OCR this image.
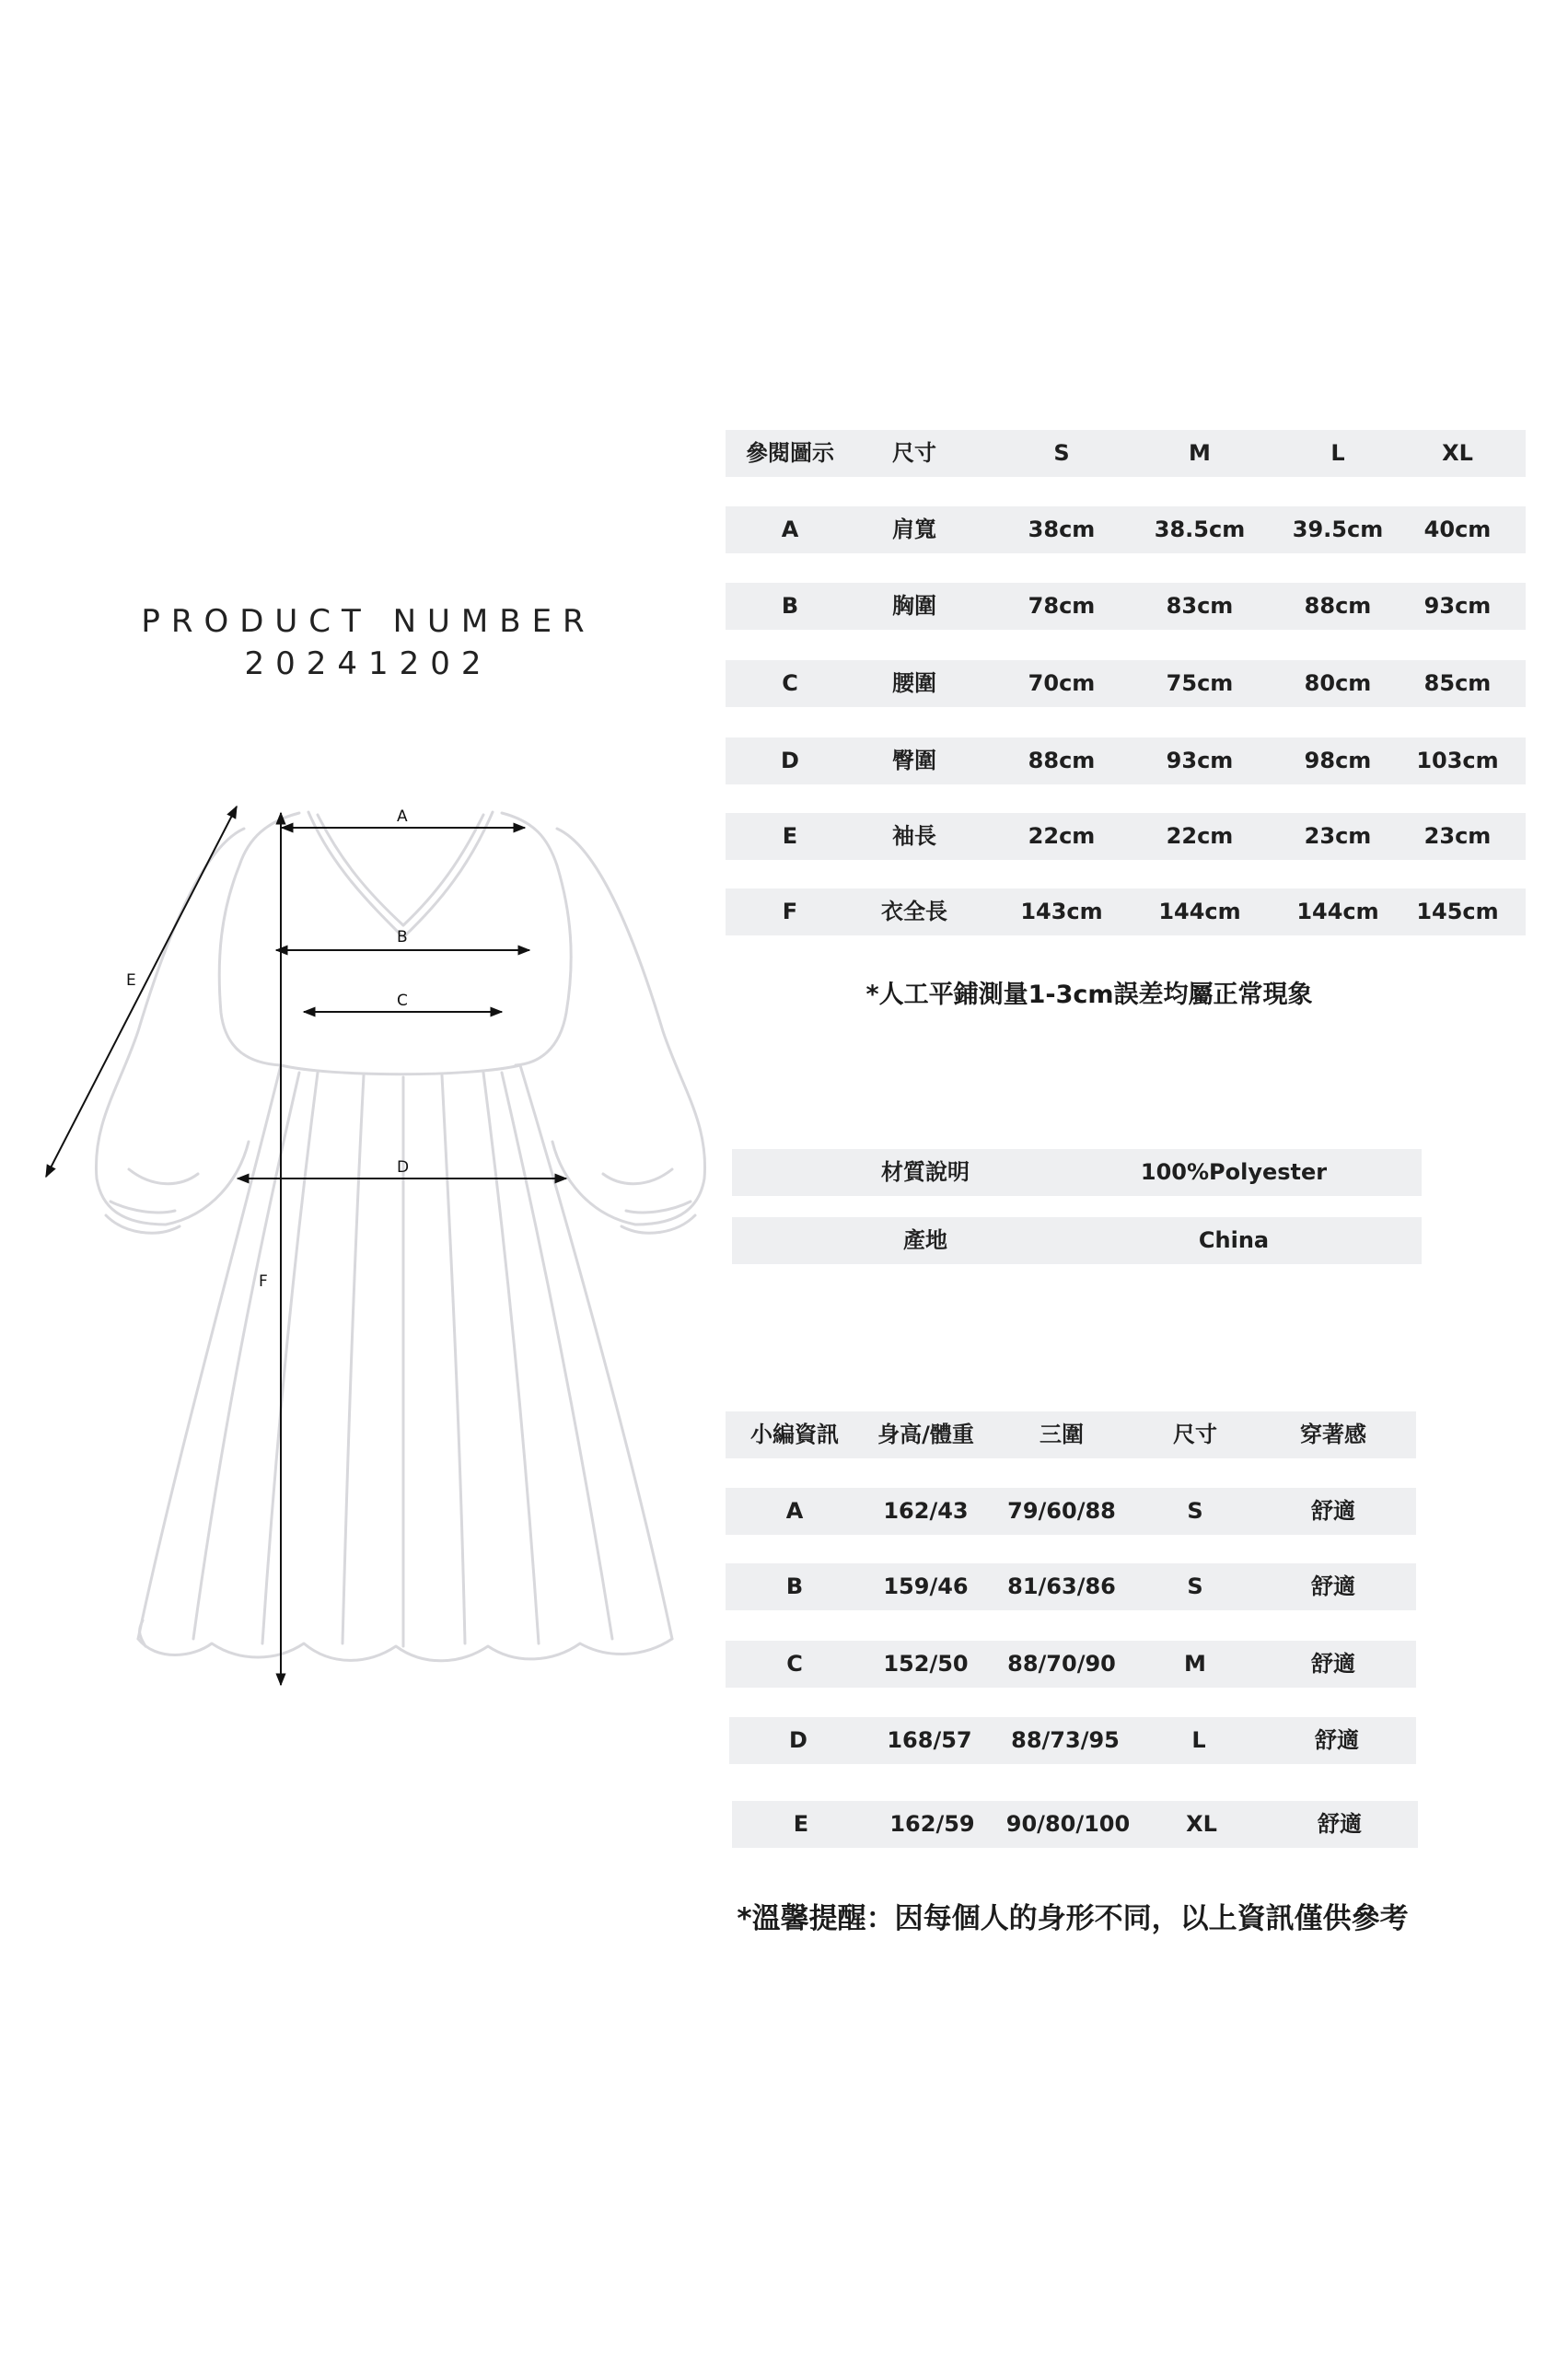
PRODUCT NUMBER
20241202
A
B
C
D
E
F
參閱圖示	尺寸	S	M	L	XL
A	肩寬	38cm	38.5cm	39.5cm	40cm
B	胸圍	78cm	83cm	88cm	93cm
C	腰圍	70cm	75cm	80cm	85cm
D	臀圍	88cm	93cm	98cm	103cm
E	袖長	22cm	22cm	23cm	23cm
F	衣全長	143cm	144cm	144cm	145cm
*人工平鋪測量1-3cm誤差均屬正常現象
材質說明	100%Polyester
產地	China
小編資訊	身高/體重	三圍	尺寸	穿著感
A	162/43	79/60/88	S	舒適
B	159/46	81/63/86	S	舒適
C	152/50	88/70/90	M	舒適
D	168/57	88/73/95	L	舒適
E	162/59	90/80/100	XL	舒適
*溫馨提醒：因每個人的身形不同，以上資訊僅供參考
